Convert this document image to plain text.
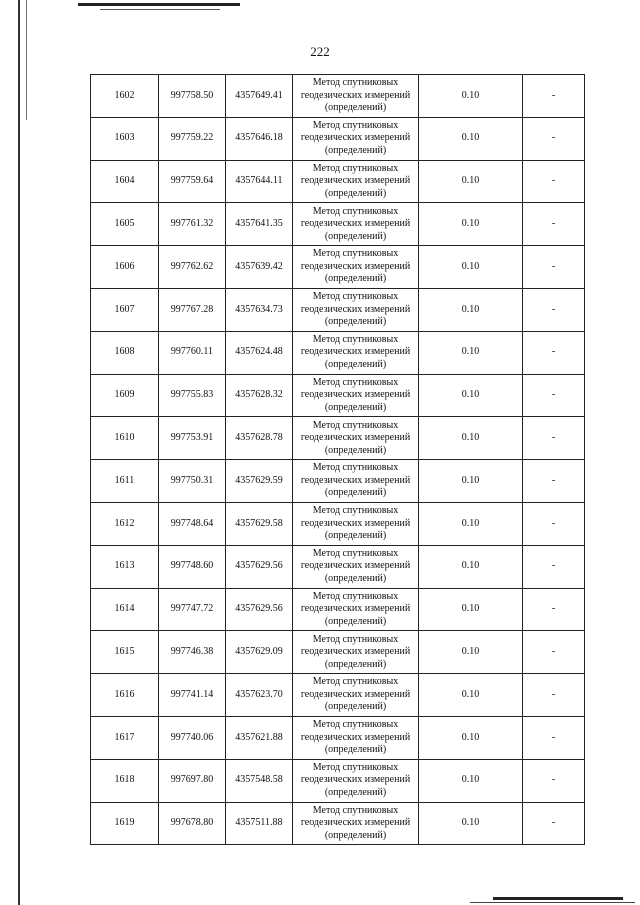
222
1602	997758.50	4357649.41	Метод спутниковых геодезических измерений (определений)	0.10	-
1603	997759.22	4357646.18	Метод спутниковых геодезических измерений (определений)	0.10	-
1604	997759.64	4357644.11	Метод спутниковых геодезических измерений (определений)	0.10	-
1605	997761.32	4357641.35	Метод спутниковых геодезических измерений (определений)	0.10	-
1606	997762.62	4357639.42	Метод спутниковых геодезических измерений (определений)	0.10	-
1607	997767.28	4357634.73	Метод спутниковых геодезических измерений (определений)	0.10	-
1608	997760.11	4357624.48	Метод спутниковых геодезических измерений (определений)	0.10	-
1609	997755.83	4357628.32	Метод спутниковых геодезических измерений (определений)	0.10	-
1610	997753.91	4357628.78	Метод спутниковых геодезических измерений (определений)	0.10	-
1611	997750.31	4357629.59	Метод спутниковых геодезических измерений (определений)	0.10	-
1612	997748.64	4357629.58	Метод спутниковых геодезических измерений (определений)	0.10	-
1613	997748.60	4357629.56	Метод спутниковых геодезических измерений (определений)	0.10	-
1614	997747.72	4357629.56	Метод спутниковых геодезических измерений (определений)	0.10	-
1615	997746.38	4357629.09	Метод спутниковых геодезических измерений (определений)	0.10	-
1616	997741.14	4357623.70	Метод спутниковых геодезических измерений (определений)	0.10	-
1617	997740.06	4357621.88	Метод спутниковых геодезических измерений (определений)	0.10	-
1618	997697.80	4357548.58	Метод спутниковых геодезических измерений (определений)	0.10	-
1619	997678.80	4357511.88	Метод спутниковых геодезических измерений (определений)	0.10	-
